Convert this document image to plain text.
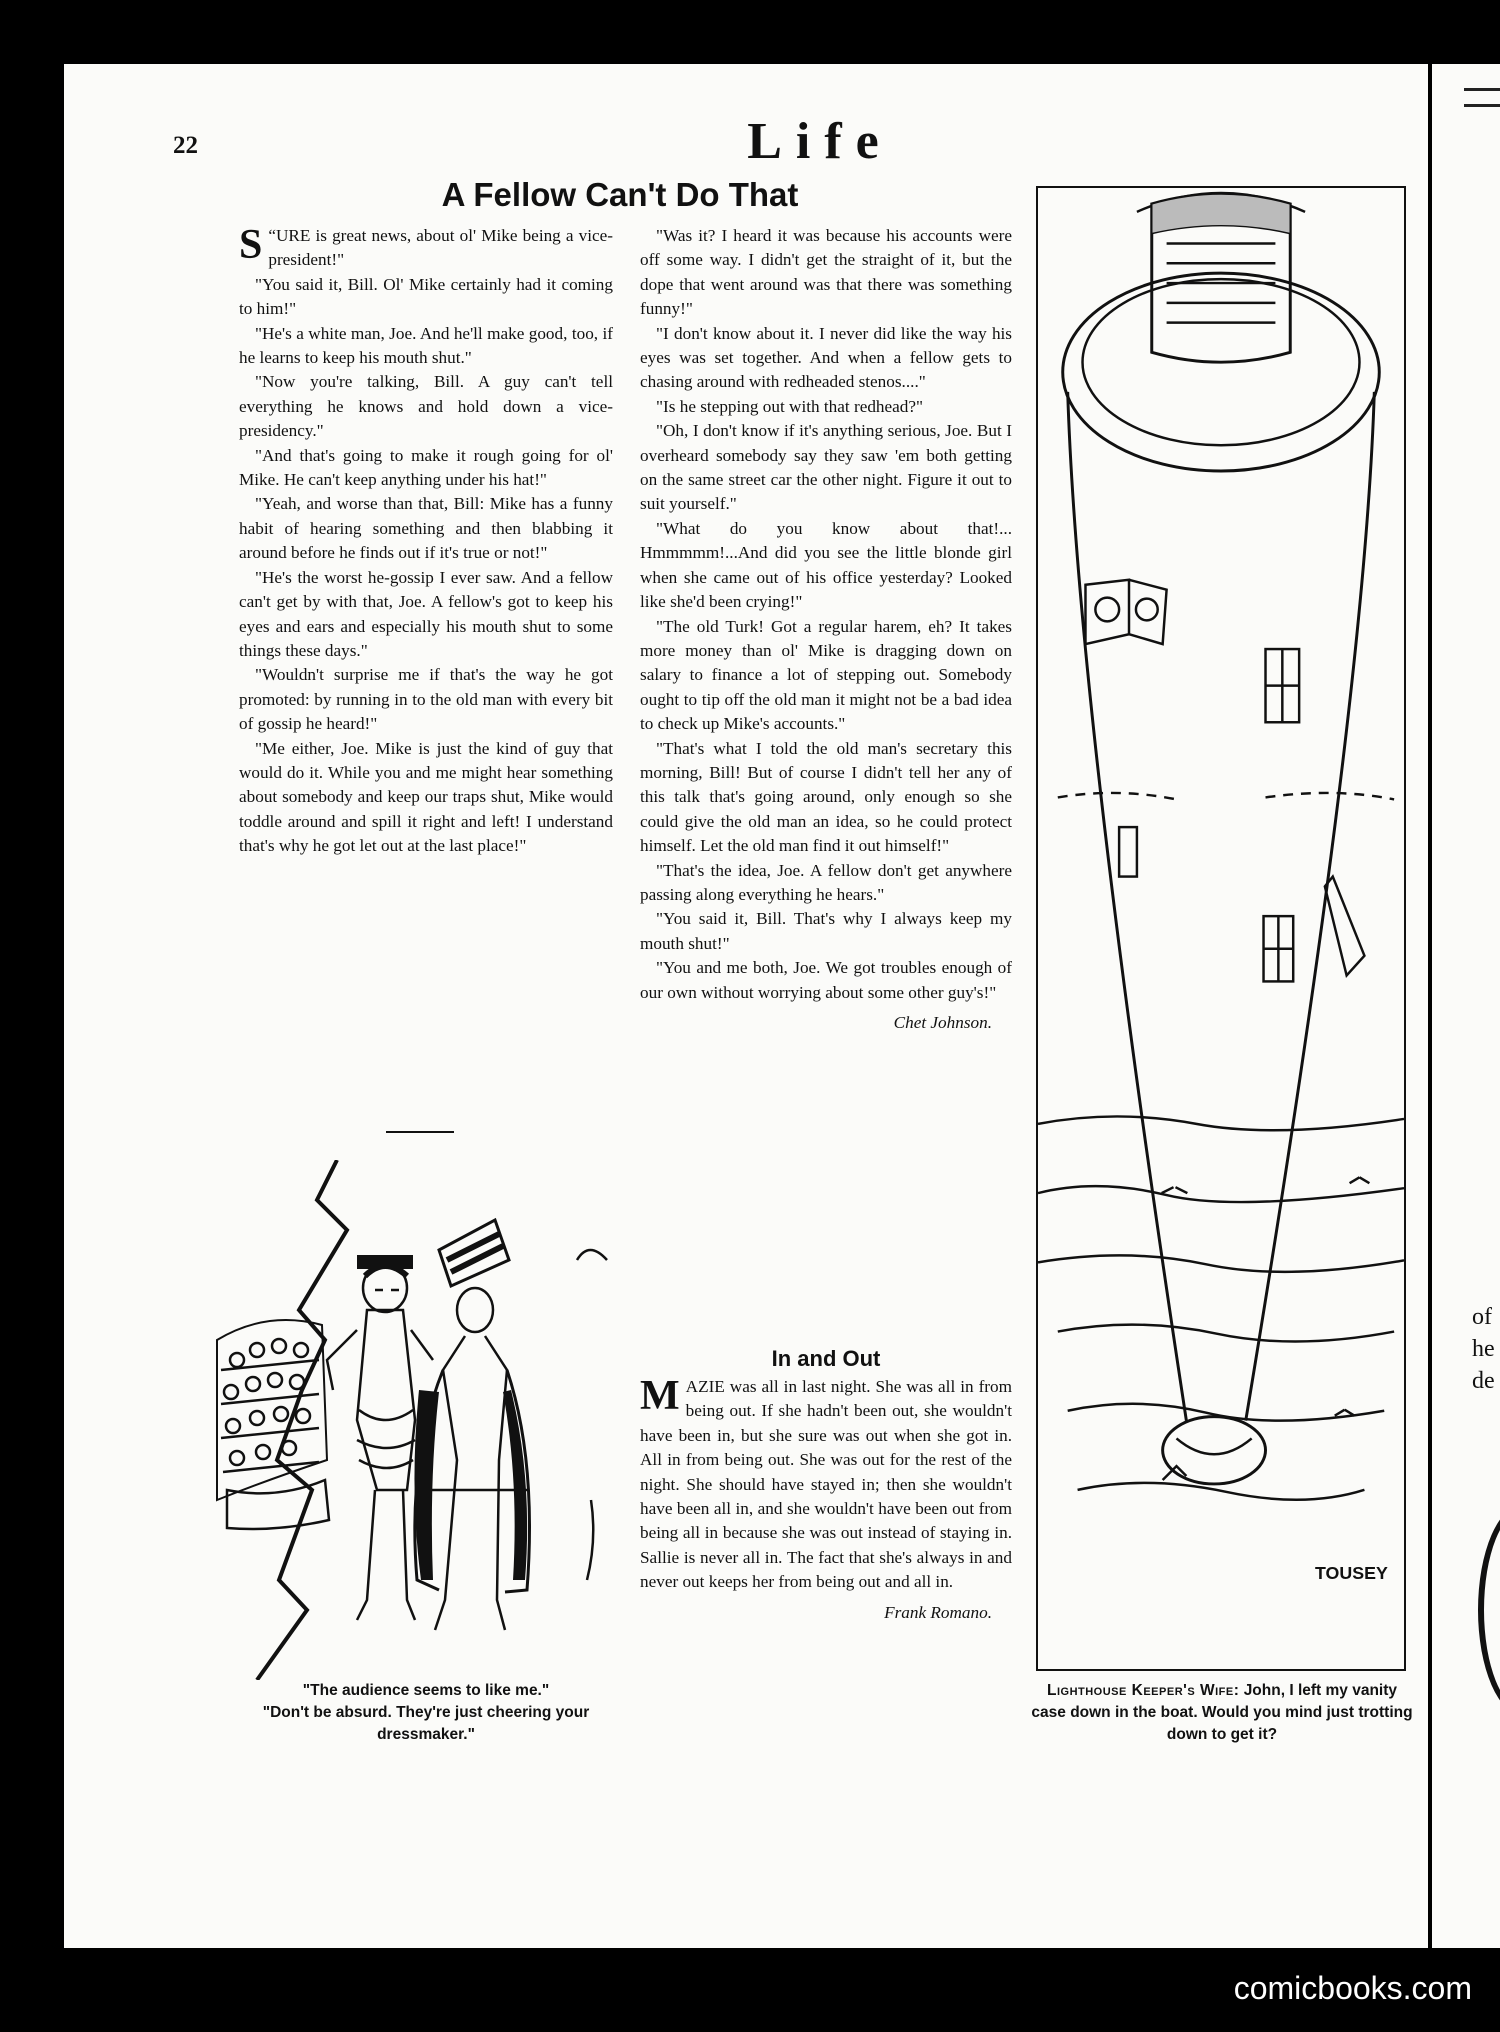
of
he
de
22	Life
A Fellow Can't Do That

“
S URE is great news, about ol' Mike being a vice-president!"

"You said it, Bill. Ol' Mike certainly had it coming to him!"

"He's a white man, Joe. And he'll make good, too, if he learns to keep his mouth shut."

"Now you're talking, Bill. A guy can't tell everything he knows and hold down a vice-presidency."

"And that's going to make it rough going for ol' Mike. He can't keep anything under his hat!"

"Yeah, and worse than that, Bill: Mike has a funny habit of hearing something and then blabbing it around before he finds out if it's true or not!"

"He's the worst he-gossip I ever saw. And a fellow can't get by with that, Joe. A fellow's got to keep his eyes and ears and especially his mouth shut to some things these days."

"Wouldn't surprise me if that's the way he got promoted: by running in to the old man with every bit of gossip he heard!"

"Me either, Joe. Mike is just the kind of guy that would do it. While you and me might hear something about somebody and keep our traps shut, Mike would toddle around and spill it right and left! I understand that's why he got let out at the last place!"

"Was it? I heard it was because his accounts were off some way. I didn't get the straight of it, but the dope that went around was that there was something funny!"

"I don't know about it. I never did like the way his eyes was set together. And when a fellow gets to chasing around with redheaded stenos...."

"Is he stepping out with that redhead?"

"Oh, I don't know if it's anything serious, Joe. But I overheard somebody say they saw 'em both getting on the same street car the other night. Figure it out to suit yourself."

"What do you know about that!... Hmmmmm!...And did you see the little blonde girl when she came out of his office yesterday? Looked like she'd been crying!"

"The old Turk! Got a regular harem, eh? It takes more money than ol' Mike is dragging down on salary to finance a lot of stepping out. Somebody ought to tip off the old man it might not be a bad idea to check up Mike's accounts."

"That's what I told the old man's secretary this morning, Bill! But of course I didn't tell her any of this talk that's going around, only enough so she could give the old man an idea, so he could protect himself. Let the old man find it out himself!"

"That's the idea, Joe. A fellow don't get anywhere passing along everything he hears."

"You said it, Bill. That's why I always keep my mouth shut!"

"You and me both, Joe. We got troubles enough of our own without worrying about some other guy's!"

Chet Johnson.
In and Out

MAZIE was all in last night. She was all in from being out. If she hadn't been out, she wouldn't have been in, but she sure was out when she got in. All in from being out. She was out for the rest of the night. She should have stayed in; then she wouldn't have been all in, and she wouldn't have been out from being all in because she was out instead of staying in. Sallie is never all in. The fact that she's always in and never out keeps her from being out and all in.

Frank Romano.
"The audience seems to like me."
"Don't be absurd. They're just cheering your dressmaker."
TOUSEY
Lighthouse Keeper's Wife: John, I left my vanity case down in the boat. Would you mind just trotting down to get it?
comicbooks.com
